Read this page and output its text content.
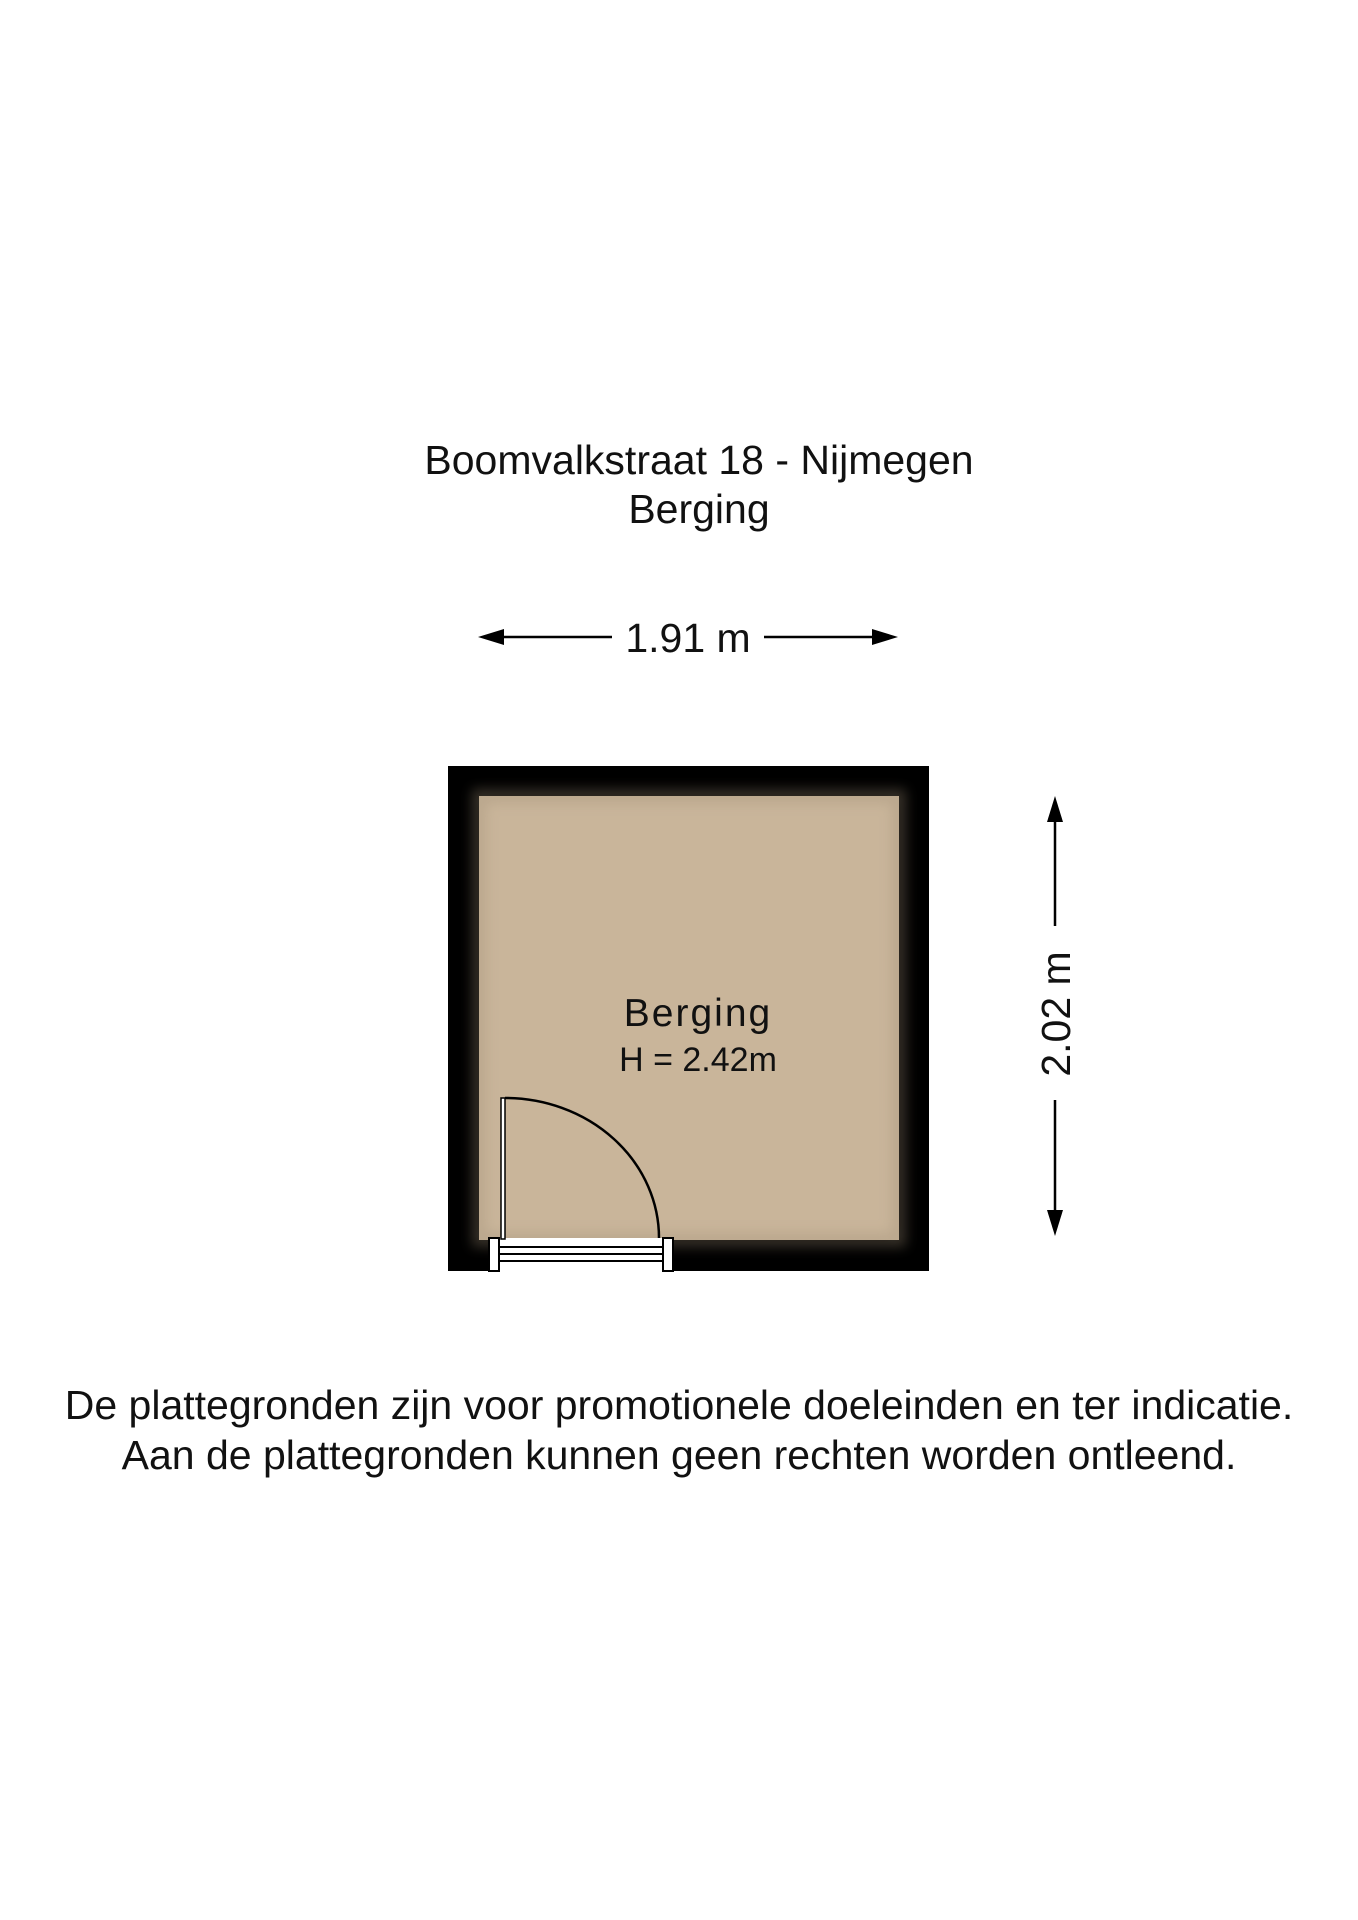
Boomvalkstraat 18 - Nijmegen
Berging
1.91 m
2.02 m
Berging
H = 2.42m
De plattegronden zijn voor promotionele doeleinden en ter indicatie.
Aan de plattegronden kunnen geen rechten worden ontleend.
